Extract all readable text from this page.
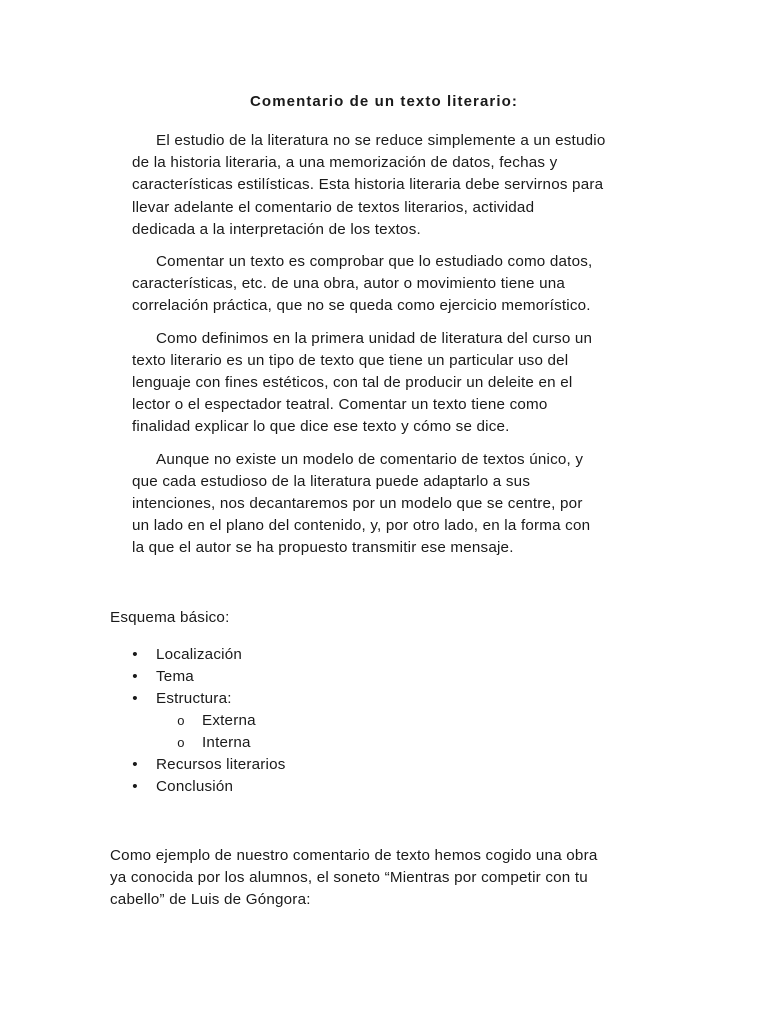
Comentario de un texto literario:
El estudio de la literatura no se reduce simplemente a un estudio
de la historia literaria, a una memorización de datos, fechas y
características estilísticas. Esta historia literaria debe servirnos para
llevar adelante el comentario de textos literarios, actividad
dedicada a la interpretación de los textos.
Comentar un texto es comprobar que lo estudiado como datos,
características, etc. de una obra, autor o movimiento tiene una
correlación práctica, que no se queda como ejercicio memorístico.
Como definimos en la primera unidad de literatura del curso un
texto literario es un tipo de texto que tiene un particular uso del
lenguaje con fines estéticos, con tal de producir un deleite en el
lector o el espectador teatral. Comentar un texto tiene como
finalidad explicar lo que dice ese texto y cómo se dice.
Aunque no existe un modelo de comentario de textos único, y
que cada estudioso de la literatura puede adaptarlo a sus
intenciones, nos decantaremos por un modelo que se centre, por
un lado en el plano del contenido, y, por otro lado, en la forma con
la que el autor se ha propuesto transmitir ese mensaje.
Esquema básico:
• Localización
• Tema
• Estructura:
o Externa
o Interna
• Recursos literarios
• Conclusión
Como ejemplo de nuestro comentario de texto hemos cogido una obra
ya conocida por los alumnos, el soneto “Mientras por competir con tu
cabello” de Luis de Góngora:
